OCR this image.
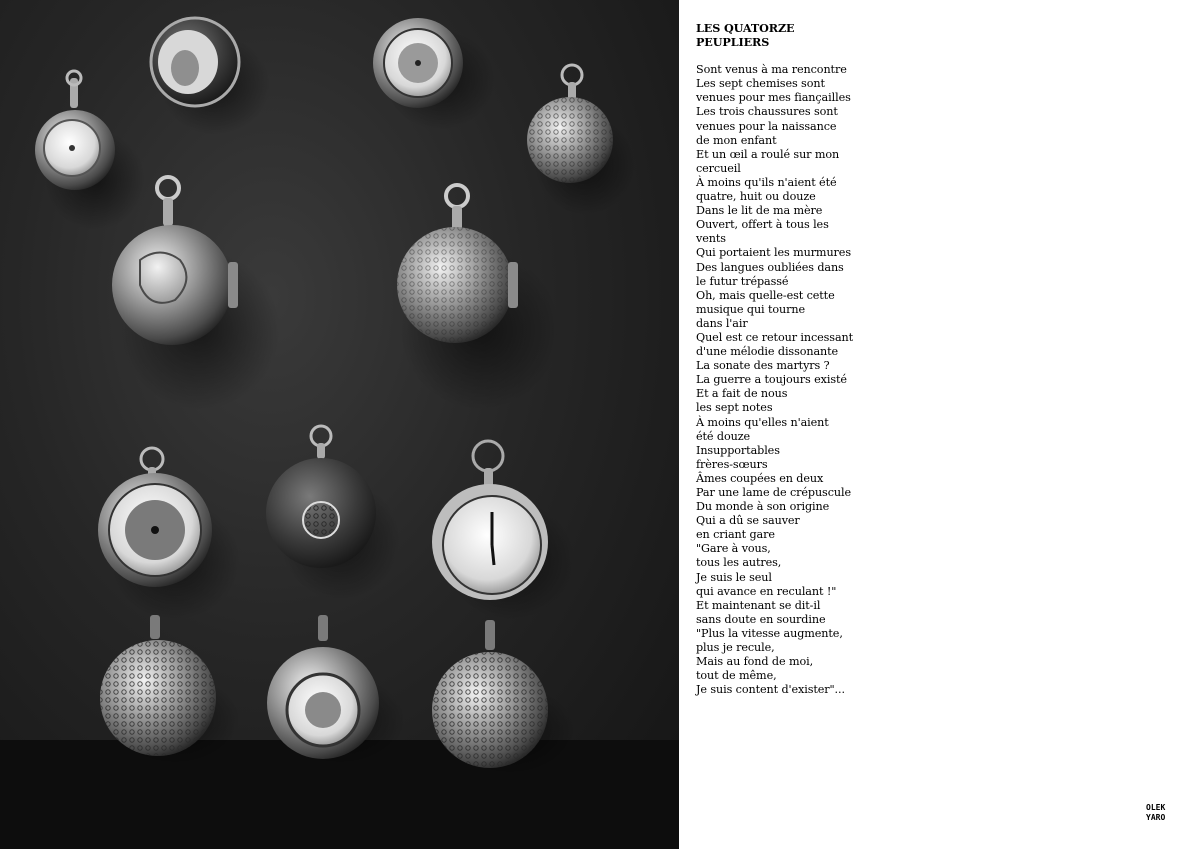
LES QUATORZE
PEUPLIERS
Sont venus à ma rencontre
Les sept chemises sont
venues pour mes fiançailles
Les trois chaussures sont
venues pour la naissance
de mon enfant
Et un œil a roulé sur mon
cercueil
À moins qu'ils n'aient été
quatre, huit ou douze
Dans le lit de ma mère
Ouvert, offert à tous les
vents
Qui portaient les murmures
Des langues oubliées dans
le futur trépassé
Oh, mais quelle-est cette
musique qui tourne
dans l'air
Quel est ce retour incessant
d'une mélodie dissonante
La sonate des martyrs ?
La guerre a toujours existé
Et a fait de nous
les sept notes
À moins qu'elles n'aient
été douze
Insupportables
frères-sœurs
Âmes coupées en deux
Par une lame de crépuscule
Du monde à son origine
Qui a dû se sauver
en criant gare
"Gare à vous,
tous les autres,
Je suis le seul
qui avance en reculant !"
Et maintenant se dit-il
sans doute en sourdine
"Plus la vitesse augmente,
plus je recule,
Mais au fond de moi,
tout de même,
Je suis content d'exister"...
OLEK
YARO
